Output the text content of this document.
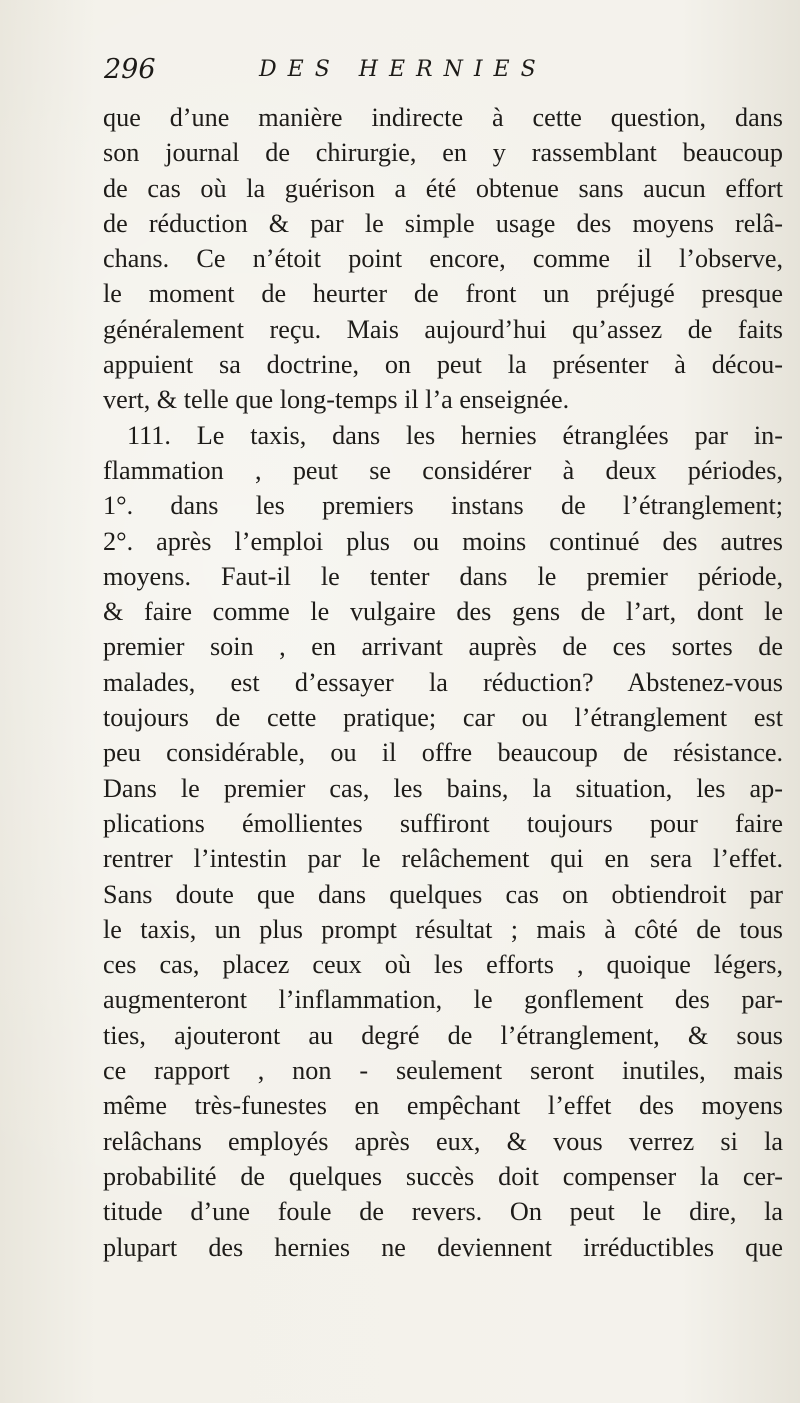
296	DES HERNIES
que d’une manière indirecte à cette question, dans
son journal de chirurgie, en y rassemblant beaucoup
de cas où la guérison a été obtenue sans aucun effort
de réduction & par le simple usage des moyens relâ-
chans. Ce n’étoit point encore, comme il l’observe,
le moment de heurter de front un préjugé presque
généralement reçu. Mais aujourd’hui qu’assez de faits
appuient sa doctrine, on peut la présenter à décou-
vert, & telle que long-temps il l’a enseignée.
111. Le taxis, dans les hernies étranglées par in-
flammation , peut se considérer à deux périodes,
1°. dans les premiers instans de l’étranglement;
2°. après l’emploi plus ou moins continué des autres
moyens. Faut-il le tenter dans le premier période,
& faire comme le vulgaire des gens de l’art, dont le
premier soin , en arrivant auprès de ces sortes de
malades, est d’essayer la réduction? Abstenez-vous
toujours de cette pratique; car ou l’étranglement est
peu considérable, ou il offre beaucoup de résistance.
Dans le premier cas, les bains, la situation, les ap-
plications émollientes suffiront toujours pour faire
rentrer l’intestin par le relâchement qui en sera l’effet.
Sans doute que dans quelques cas on obtiendroit par
le taxis, un plus prompt résultat ; mais à côté de tous
ces cas, placez ceux où les efforts , quoique légers,
augmenteront l’inflammation, le gonflement des par-
ties, ajouteront au degré de l’étranglement, & sous
ce rapport , non - seulement seront inutiles, mais
même très-funestes en empêchant l’effet des moyens
relâchans employés après eux, & vous verrez si la
probabilité de quelques succès doit compenser la cer-
titude d’une foule de revers. On peut le dire, la
plupart des hernies ne deviennent irréductibles que
